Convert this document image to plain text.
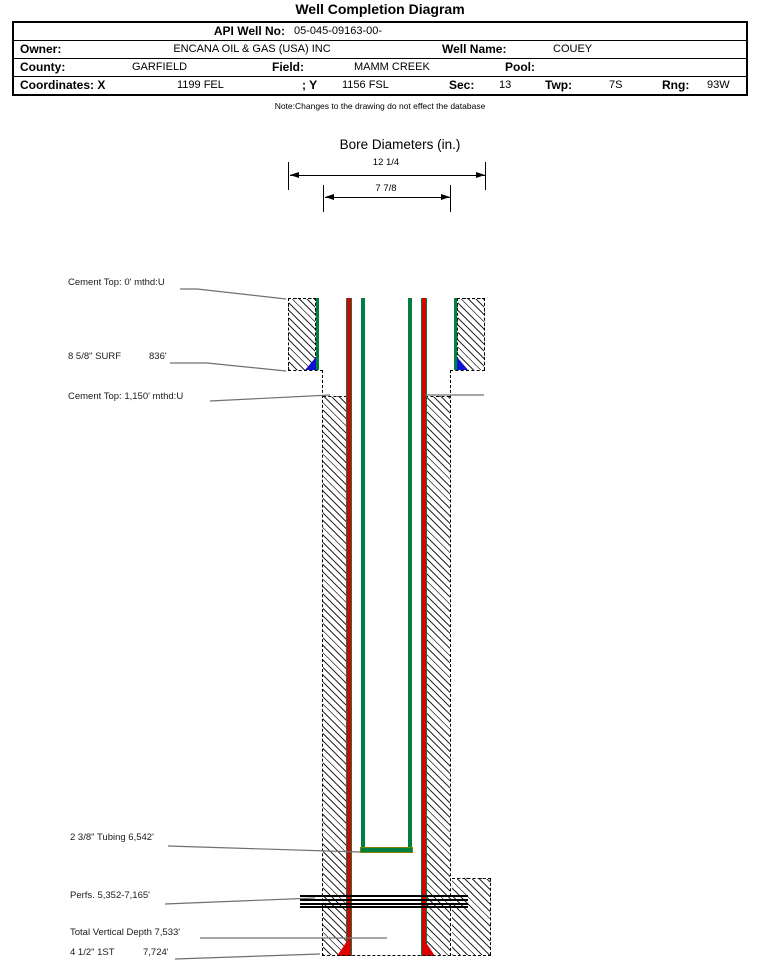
Well Completion Diagram
API Well No: 05-045-09163-00-
Owner:	ENCANA OIL & GAS (USA) INC	Well Name:	COUEY
County:	GARFIELD	Field:	MAMM CREEK	Pool:
Coordinates: X	1199 FEL	; Y 1156 FSL	Sec: 13	Twp:	7S	Rng: 93W
Note:Changes to the drawing do not effect the database
Bore Diameters (in.)
12 1/4
7 7/8
Cement Top: 0' mthd:U
8 5/8" SURF	836'
Cement Top: 1,150' mthd:U
2 3/8" Tubing 6,542'
Perfs. 5,352-7,165'
Total Vertical Depth 7,533'
4 1/2" 1ST	7,724'
